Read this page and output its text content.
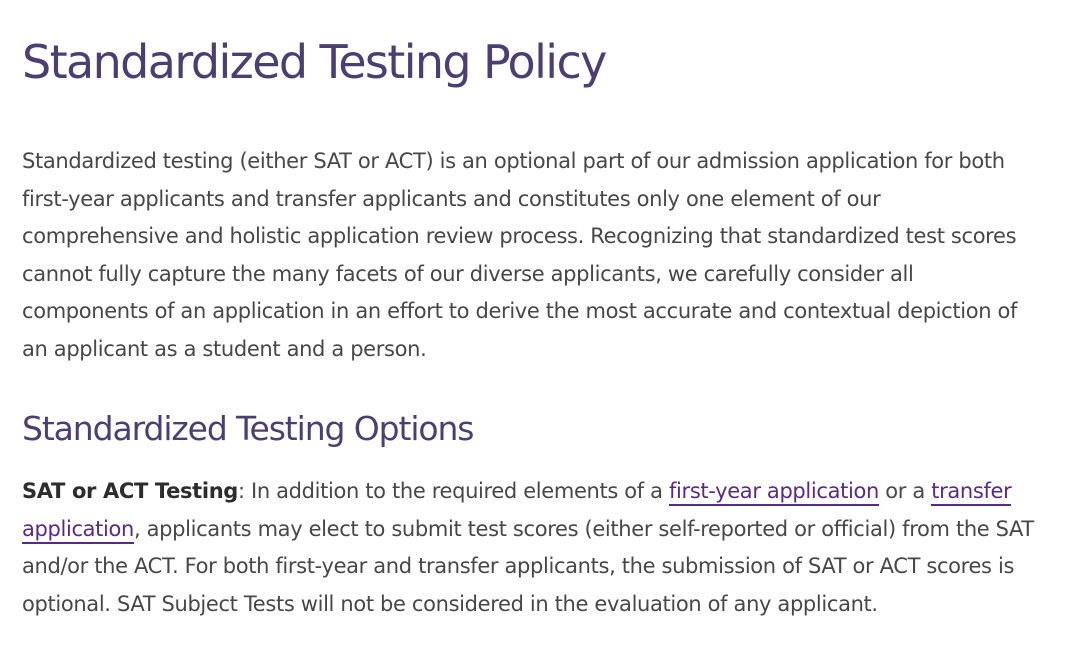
Standardized Testing Policy

Standardized testing (either SAT or ACT) is an optional part of our admission application for both first-year applicants and transfer applicants and constitutes only one element of our comprehensive and holistic application review process. Recognizing that standardized test scores cannot fully capture the many facets of our diverse applicants, we carefully consider all components of an application in an effort to derive the most accurate and contextual depiction of an applicant as a student and a person.

Standardized Testing Options

SAT or ACT Testing: In addition to the required elements of a first-year application or a transfer application, applicants may elect to submit test scores (either self-reported or official) from the SAT and/or the ACT. For both first-year and transfer applicants, the submission of SAT or ACT scores is optional. SAT Subject Tests will not be considered in the evaluation of any applicant.
